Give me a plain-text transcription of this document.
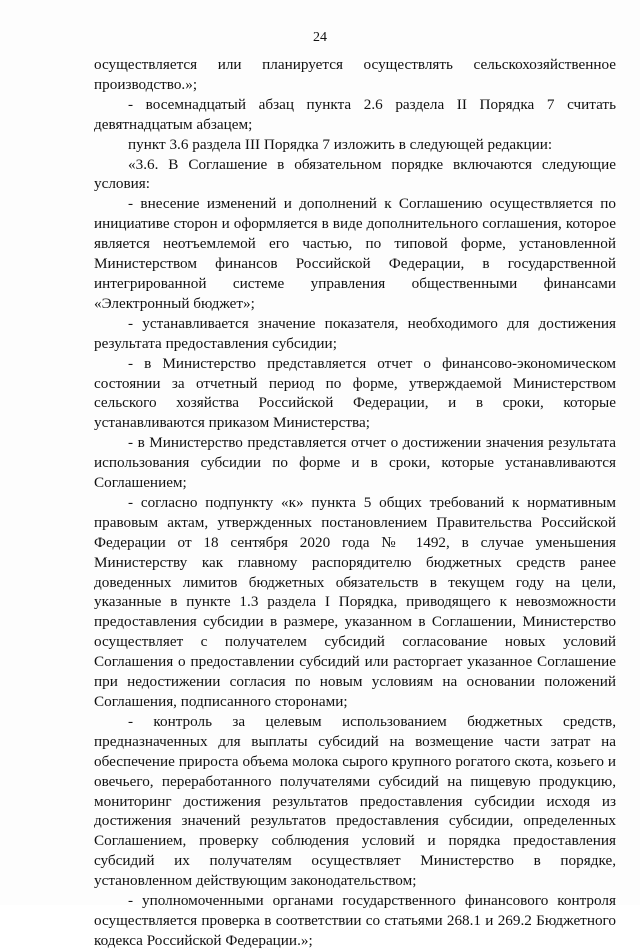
24

осуществляется или планируется осуществлять сельскохозяйственное производство.»;

- восемнадцатый абзац пункта 2.6 раздела II Порядка 7 считать девятнадцатым абзацем;

пункт 3.6 раздела III Порядка 7 изложить в следующей редакции:

«3.6. В Соглашение в обязательном порядке включаются следующие условия:

- внесение изменений и дополнений к Соглашению осуществляется по инициативе сторон и оформляется в виде дополнительного соглашения, которое является неотъемлемой его частью, по типовой форме, установленной Министерством финансов Российской Федерации, в государственной интегрированной системе управления общественными финансами «Электронный бюджет»;

- устанавливается значение показателя, необходимого для достижения результата предоставления субсидии;

- в Министерство представляется отчет о финансово-экономическом состоянии за отчетный период по форме, утверждаемой Министерством сельского хозяйства Российской Федерации, и в сроки, которые устанавливаются приказом Министерства;

- в Министерство представляется отчет о достижении значения результата использования субсидии по форме и в сроки, которые устанавливаются Соглашением;

- согласно подпункту «к» пункта 5 общих требований к нормативным правовым актам, утвержденных постановлением Правительства Российской Федерации от 18 сентября 2020 года № 1492, в случае уменьшения Министерству как главному распорядителю бюджетных средств ранее доведенных лимитов бюджетных обязательств в текущем году на цели, указанные в пункте 1.3 раздела I Порядка, приводящего к невозможности предоставления субсидии в размере, указанном в Соглашении, Министерство осуществляет с получателем субсидий согласование новых условий Соглашения о предоставлении субсидий или расторгает указанное Соглашение при недостижении согласия по новым условиям на основании положений Соглашения, подписанного сторонами;

- контроль за целевым использованием бюджетных средств, предназначенных для выплаты субсидий на возмещение части затрат на обеспечение прироста объема молока сырого крупного рогатого скота, козьего и овечьего, переработанного получателями субсидий на пищевую продукцию, мониторинг достижения результатов предоставления субсидии исходя из достижения значений результатов предоставления субсидии, определенных Соглашением, проверку соблюдения условий и порядка предоставления субсидий их получателям осуществляет Министерство в порядке, установленном действующим законодательством;

- уполномоченными органами государственного финансового контроля осуществляется проверка в соответствии со статьями 268.1 и 269.2 Бюджетного кодекса Российской Федерации.»;
